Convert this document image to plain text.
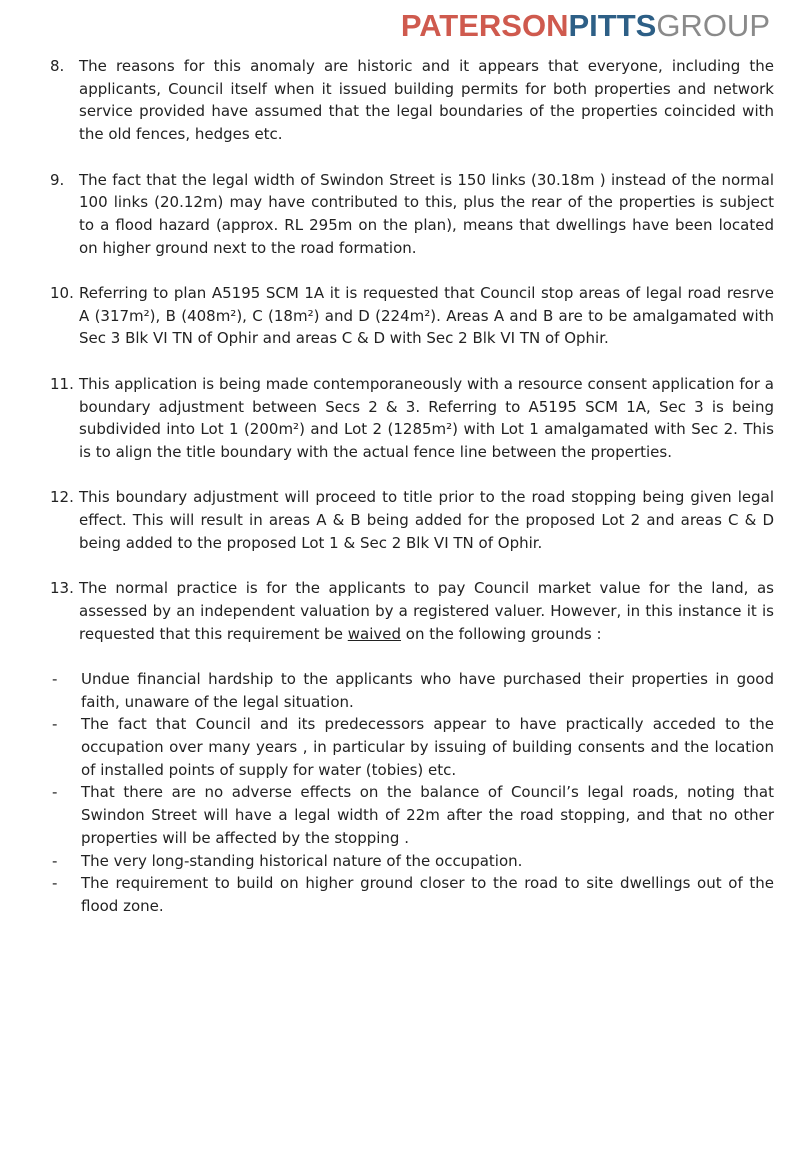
PATERSONPITTSGROUP
8. The reasons for this anomaly are historic and it appears that everyone, including the applicants, Council itself when it issued building permits for both properties and network service provided have assumed that the legal boundaries of the properties coincided with the old fences, hedges etc.
9. The fact that the legal width of Swindon Street is 150 links (30.18m ) instead of the normal 100 links (20.12m) may have contributed to this, plus the rear of the properties is subject to a flood hazard (approx. RL 295m on the plan), means that dwellings have been located on higher ground next to the road formation.
10. Referring to plan A5195 SCM 1A it is requested that Council stop areas of legal road resrve A (317m²), B (408m²), C (18m²) and D (224m²). Areas A and B are to be amalgamated with Sec 3 Blk VI TN of Ophir and areas C & D with Sec 2 Blk VI TN of Ophir.
11. This application is being made contemporaneously with a resource consent application for a boundary adjustment between Secs 2 & 3. Referring to A5195 SCM 1A, Sec 3 is being subdivided into Lot 1 (200m²) and Lot 2 (1285m²) with Lot 1 amalgamated with Sec 2. This is to align the title boundary with the actual fence line between the properties.
12. This boundary adjustment will proceed to title prior to the road stopping being given legal effect. This will result in areas A & B being added for the proposed Lot 2 and areas C & D being added to the proposed Lot 1 & Sec 2 Blk VI TN of Ophir.
13. The normal practice is for the applicants to pay Council market value for the land, as assessed by an independent valuation by a registered valuer. However, in this instance it is requested that this requirement be waived on the following grounds :
-	Undue financial hardship to the applicants who have purchased their properties in good faith, unaware of the legal situation.
-	The fact that Council and its predecessors appear to have practically acceded to the occupation over many years , in particular by issuing of building consents and the location of installed points of supply for water (tobies) etc.
-	That there are no adverse effects on the balance of Council’s legal roads, noting that Swindon Street will have a legal width of 22m after the road stopping, and that no other properties will be affected by the stopping .
-	The very long-standing historical nature of the occupation.
-	The requirement to build on higher ground closer to the road to site dwellings out of the flood zone.
